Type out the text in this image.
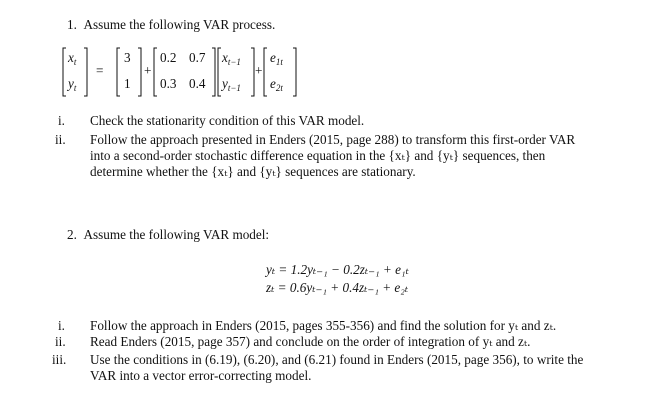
1. Assume the following VAR process.
$x_t$
$y_t$
=
3
1
+
0.2 0.7
0.3 0.4
$x_{t-1}$
$y_{t-1}$
+
$e_{1t}$
$e_{2t}$
i. Check the stationarity condition of this VAR model.
ii. Follow the approach presented in Enders (2015, page 288) to transform this first-order VAR
into a second-order stochastic difference equation in the {xₜ} and {yₜ} sequences, then
determine whether the {xₜ} and {yₜ} sequences are stationary.
2. Assume the following VAR model:
yₜ = 1.2yₜ₋₁ − 0.2zₜ₋₁ + e₁ₜ
zₜ = 0.6yₜ₋₁ + 0.4zₜ₋₁ + e₂ₜ
i. Follow the approach in Enders (2015, pages 355-356) and find the solution for yₜ and zₜ.
ii. Read Enders (2015, page 357) and conclude on the order of integration of yₜ and zₜ.
iii. Use the conditions in (6.19), (6.20), and (6.21) found in Enders (2015, page 356), to write the
VAR into a vector error-correcting model.
